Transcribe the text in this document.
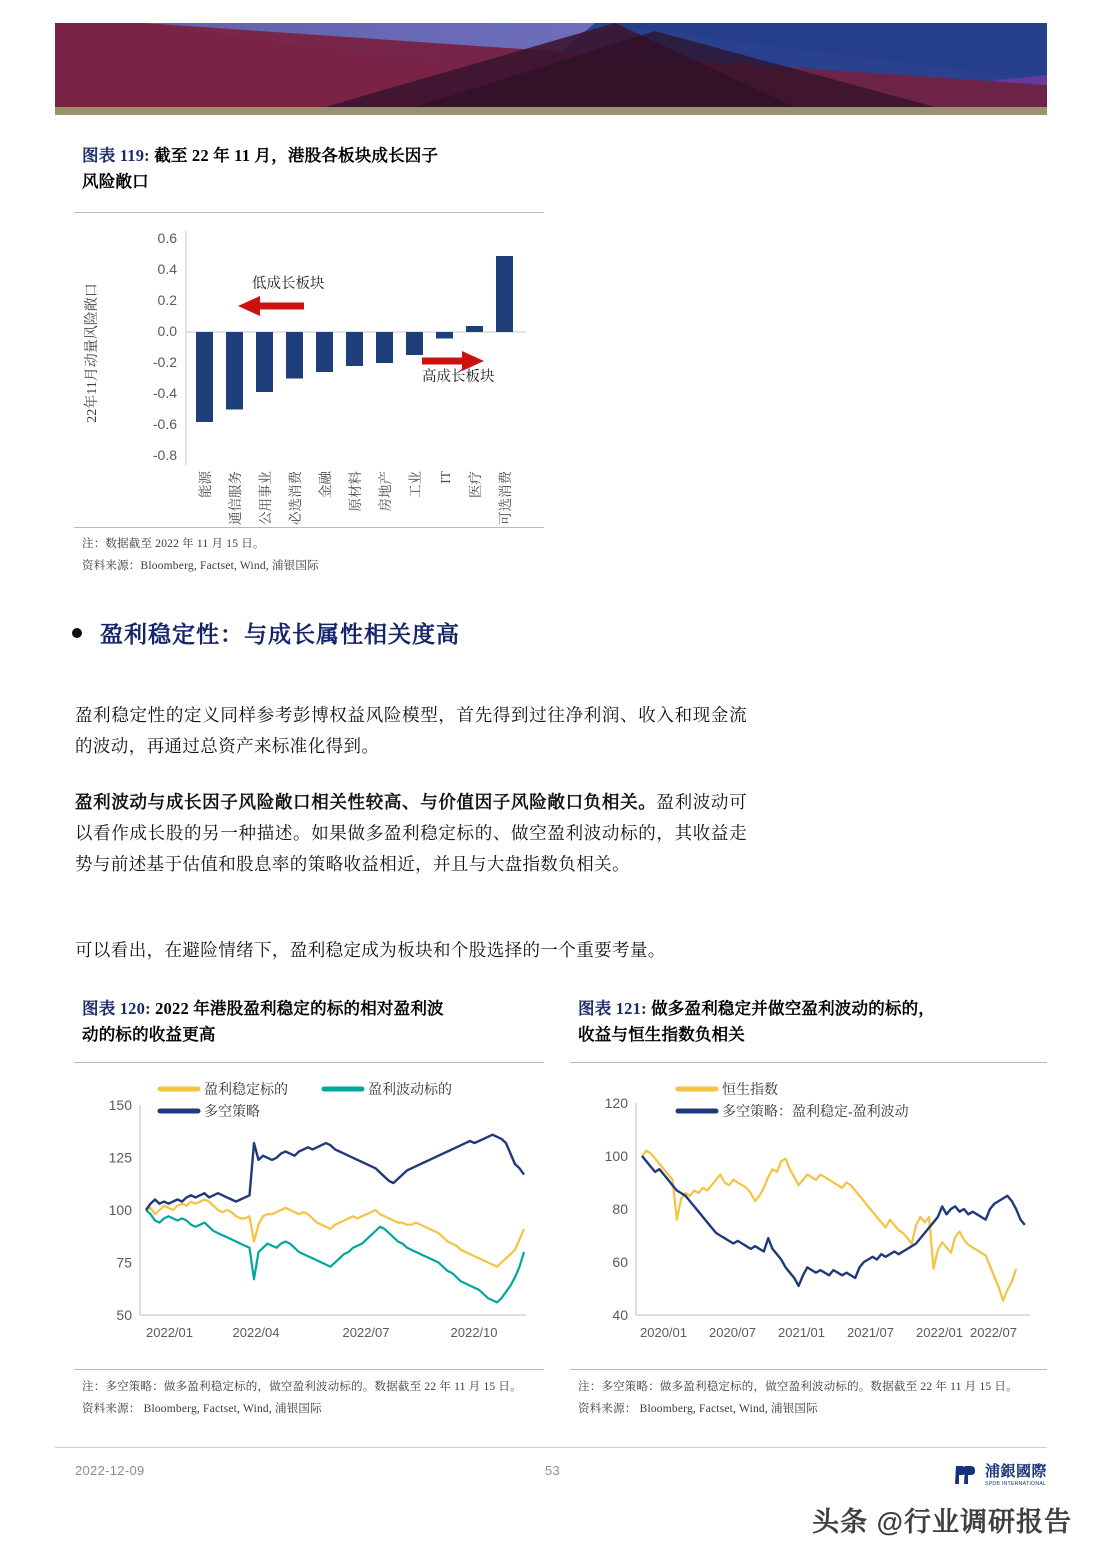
图表 119: 截至 22 年 11 月，港股各板块成长因子
风险敞口
0.6
0.4
0.2
0.0
-0.2
-0.4
-0.6
-0.8
22年11月动量风险敞口	低成长板块
高成长板块
能源 通信服务 公用事业 必选消费 金融 原材料 房地产 工业 IT 医疗 可选消费
注：数据截至 2022 年 11 月 15 日。
资料来源：Bloomberg, Factset, Wind, 浦银国际
盈利稳定性：与成长属性相关度高
盈利稳定性的定义同样参考彭博权益风险模型，首先得到过往净利润、收入和现金流的波动，再通过总资产来标准化得到。
盈利波动与成长因子风险敞口相关性较高、与价值因子风险敞口负相关。盈利波动可以看作成长股的另一种描述。如果做多盈利稳定标的、做空盈利波动标的，其收益走势与前述基于估值和股息率的策略收益相近，并且与大盘指数负相关。
可以看出，在避险情绪下，盈利稳定成为板块和个股选择的一个重要考量。
图表 120: 2022 年港股盈利稳定的标的相对盈利波
动的标的收益更高
盈利稳定标的	盈利波动标的
多空策略
150
125
100
75
50
2022/01	2022/04	2022/07	2022/10
注：多空策略：做多盈利稳定标的，做空盈利波动标的。数据截至 22 年 11 月 15 日。
资料来源： Bloomberg, Factset, Wind, 浦银国际
图表 121: 做多盈利稳定并做空盈利波动的标的，
收益与恒生指数负相关
恒生指数
多空策略：盈利稳定-盈利波动
120
100
80
60
40
2020/01 2020/07 2021/01 2021/07 2022/01 2022/07
注：多空策略：做多盈利稳定标的，做空盈利波动标的。数据截至 22 年 11 月 15 日。
资料来源： Bloomberg, Factset, Wind, 浦银国际
2022-12-09	53	浦銀國際
SPDB INTERNATIONAL
头条 @行业调研报告
